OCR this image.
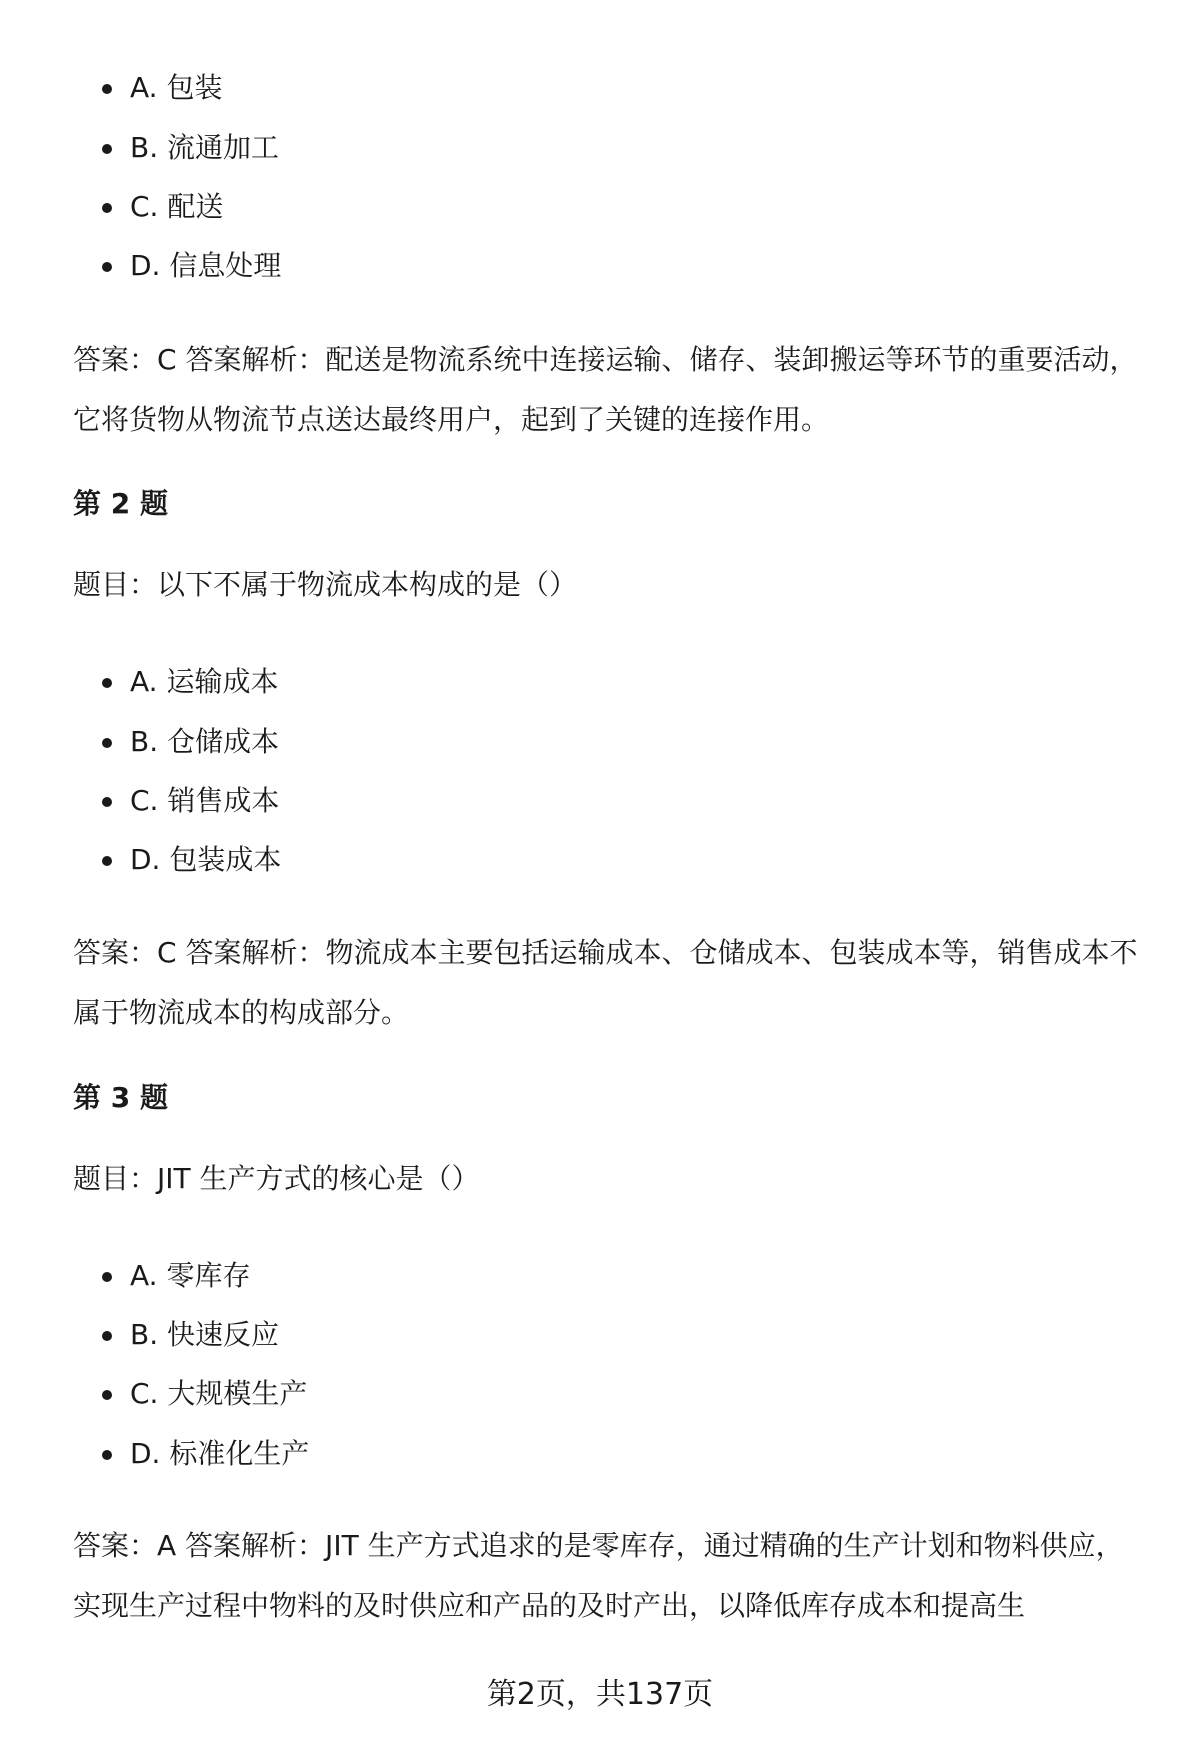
A. 包装
B. 流通加工
C. 配送
D. 信息处理

答案：C 答案解析：配送是物流系统中连接运输、储存、装卸搬运等环节的重要活动，它将货物从物流节点送达最终用户，起到了关键的连接作用。

第 2 题

题目：以下不属于物流成本构成的是（）

A. 运输成本
B. 仓储成本
C. 销售成本
D. 包装成本

答案：C 答案解析：物流成本主要包括运输成本、仓储成本、包装成本等，销售成本不属于物流成本的构成部分。

第 3 题

题目：JIT 生产方式的核心是（）

A. 零库存
B. 快速反应
C. 大规模生产
D. 标准化生产

答案：A 答案解析：JIT 生产方式追求的是零库存，通过精确的生产计划和物料供应，实现生产过程中物料的及时供应和产品的及时产出，以降低库存成本和提高生

第2页，共137页
